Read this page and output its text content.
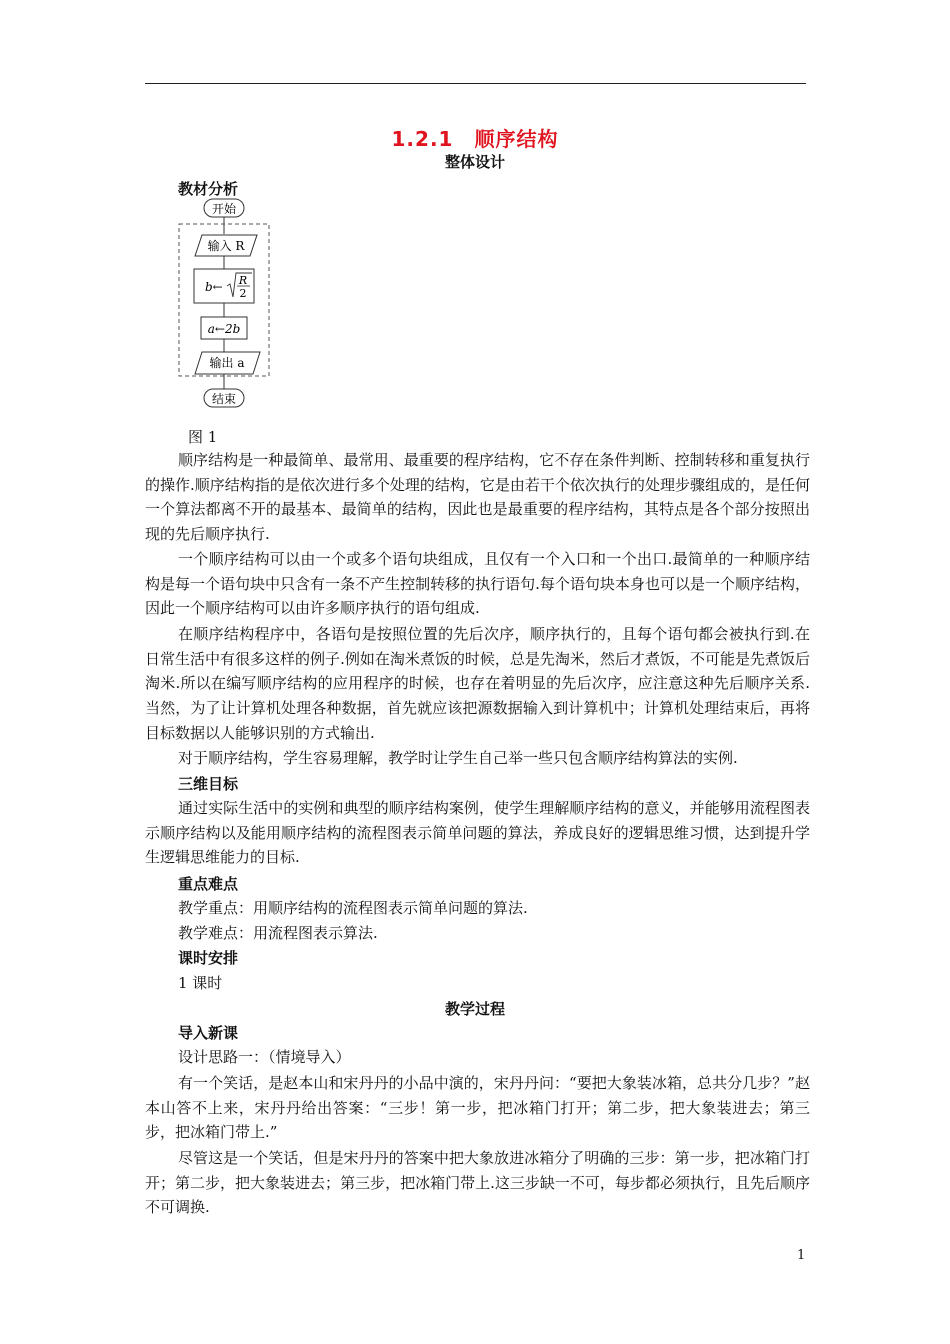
1.2.1　顺序结构
整体设计
教材分析
开始
输入 R
b← R
2
a←2b
输出 a
结束
图 1
顺序结构是一种最简单、最常用、最重要的程序结构，它不存在条件判断、控制转移和重复执行的操作.顺序结构指的是依次进行多个处理的结构，它是由若干个依次执行的处理步骤组成的，是任何一个算法都离不开的最基本、最简单的结构，因此也是最重要的程序结构，其特点是各个部分按照出现的先后顺序执行.
一个顺序结构可以由一个或多个语句块组成，且仅有一个入口和一个出口.最简单的一种顺序结构是每一个语句块中只含有一条不产生控制转移的执行语句.每个语句块本身也可以是一个顺序结构，因此一个顺序结构可以由许多顺序执行的语句组成.
在顺序结构程序中，各语句是按照位置的先后次序，顺序执行的，且每个语句都会被执行到.在日常生活中有很多这样的例子.例如在淘米煮饭的时候，总是先淘米，然后才煮饭，不可能是先煮饭后淘米.所以在编写顺序结构的应用程序的时候，也存在着明显的先后次序，应注意这种先后顺序关系.当然，为了让计算机处理各种数据，首先就应该把源数据输入到计算机中；计算机处理结束后，再将目标数据以人能够识别的方式输出.
对于顺序结构，学生容易理解，教学时让学生自己举一些只包含顺序结构算法的实例.
三维目标
通过实际生活中的实例和典型的顺序结构案例，使学生理解顺序结构的意义，并能够用流程图表示顺序结构以及能用顺序结构的流程图表示简单问题的算法，养成良好的逻辑思维习惯，达到提升学生逻辑思维能力的目标.
重点难点
教学重点：用顺序结构的流程图表示简单问题的算法.
教学难点：用流程图表示算法.
课时安排
1 课时
教学过程
导入新课
设计思路一：（情境导入）
有一个笑话，是赵本山和宋丹丹的小品中演的，宋丹丹问：“要把大象装冰箱，总共分几步？”赵本山答不上来，宋丹丹给出答案：“三步！第一步，把冰箱门打开；第二步，把大象装进去；第三步，把冰箱门带上.”
尽管这是一个笑话，但是宋丹丹的答案中把大象放进冰箱分了明确的三步：第一步，把冰箱门打开；第二步，把大象装进去；第三步，把冰箱门带上.这三步缺一不可，每步都必须执行，且先后顺序不可调换.
1
